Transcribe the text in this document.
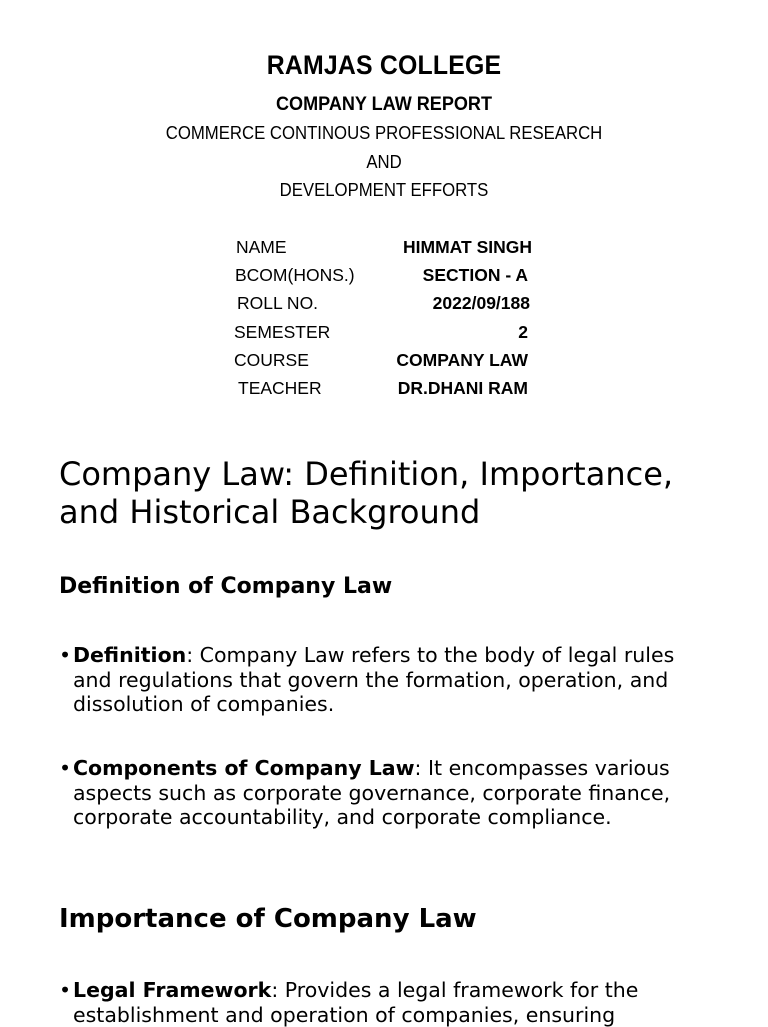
RAMJAS COLLEGE
COMPANY LAW REPORT
COMMERCE CONTINOUS PROFESSIONAL RESEARCH
AND
DEVELOPMENT EFFORTS
NAME	HIMMAT SINGH
BCOM(HONS.)	SECTION - A
ROLL NO.	2022/09/188
SEMESTER	2
COURSE	COMPANY LAW
TEACHER	DR.DHANI RAM
Company Law: Definition, Importance, and Historical Background
Definition of Company Law
• Definition: Company Law refers to the body of legal rules and regulations that govern the formation, operation, and dissolution of companies.
• Components of Company Law: It encompasses various aspects such as corporate governance, corporate finance, corporate accountability, and corporate compliance.
Importance of Company Law
• Legal Framework: Provides a legal framework for the establishment and operation of companies, ensuring
